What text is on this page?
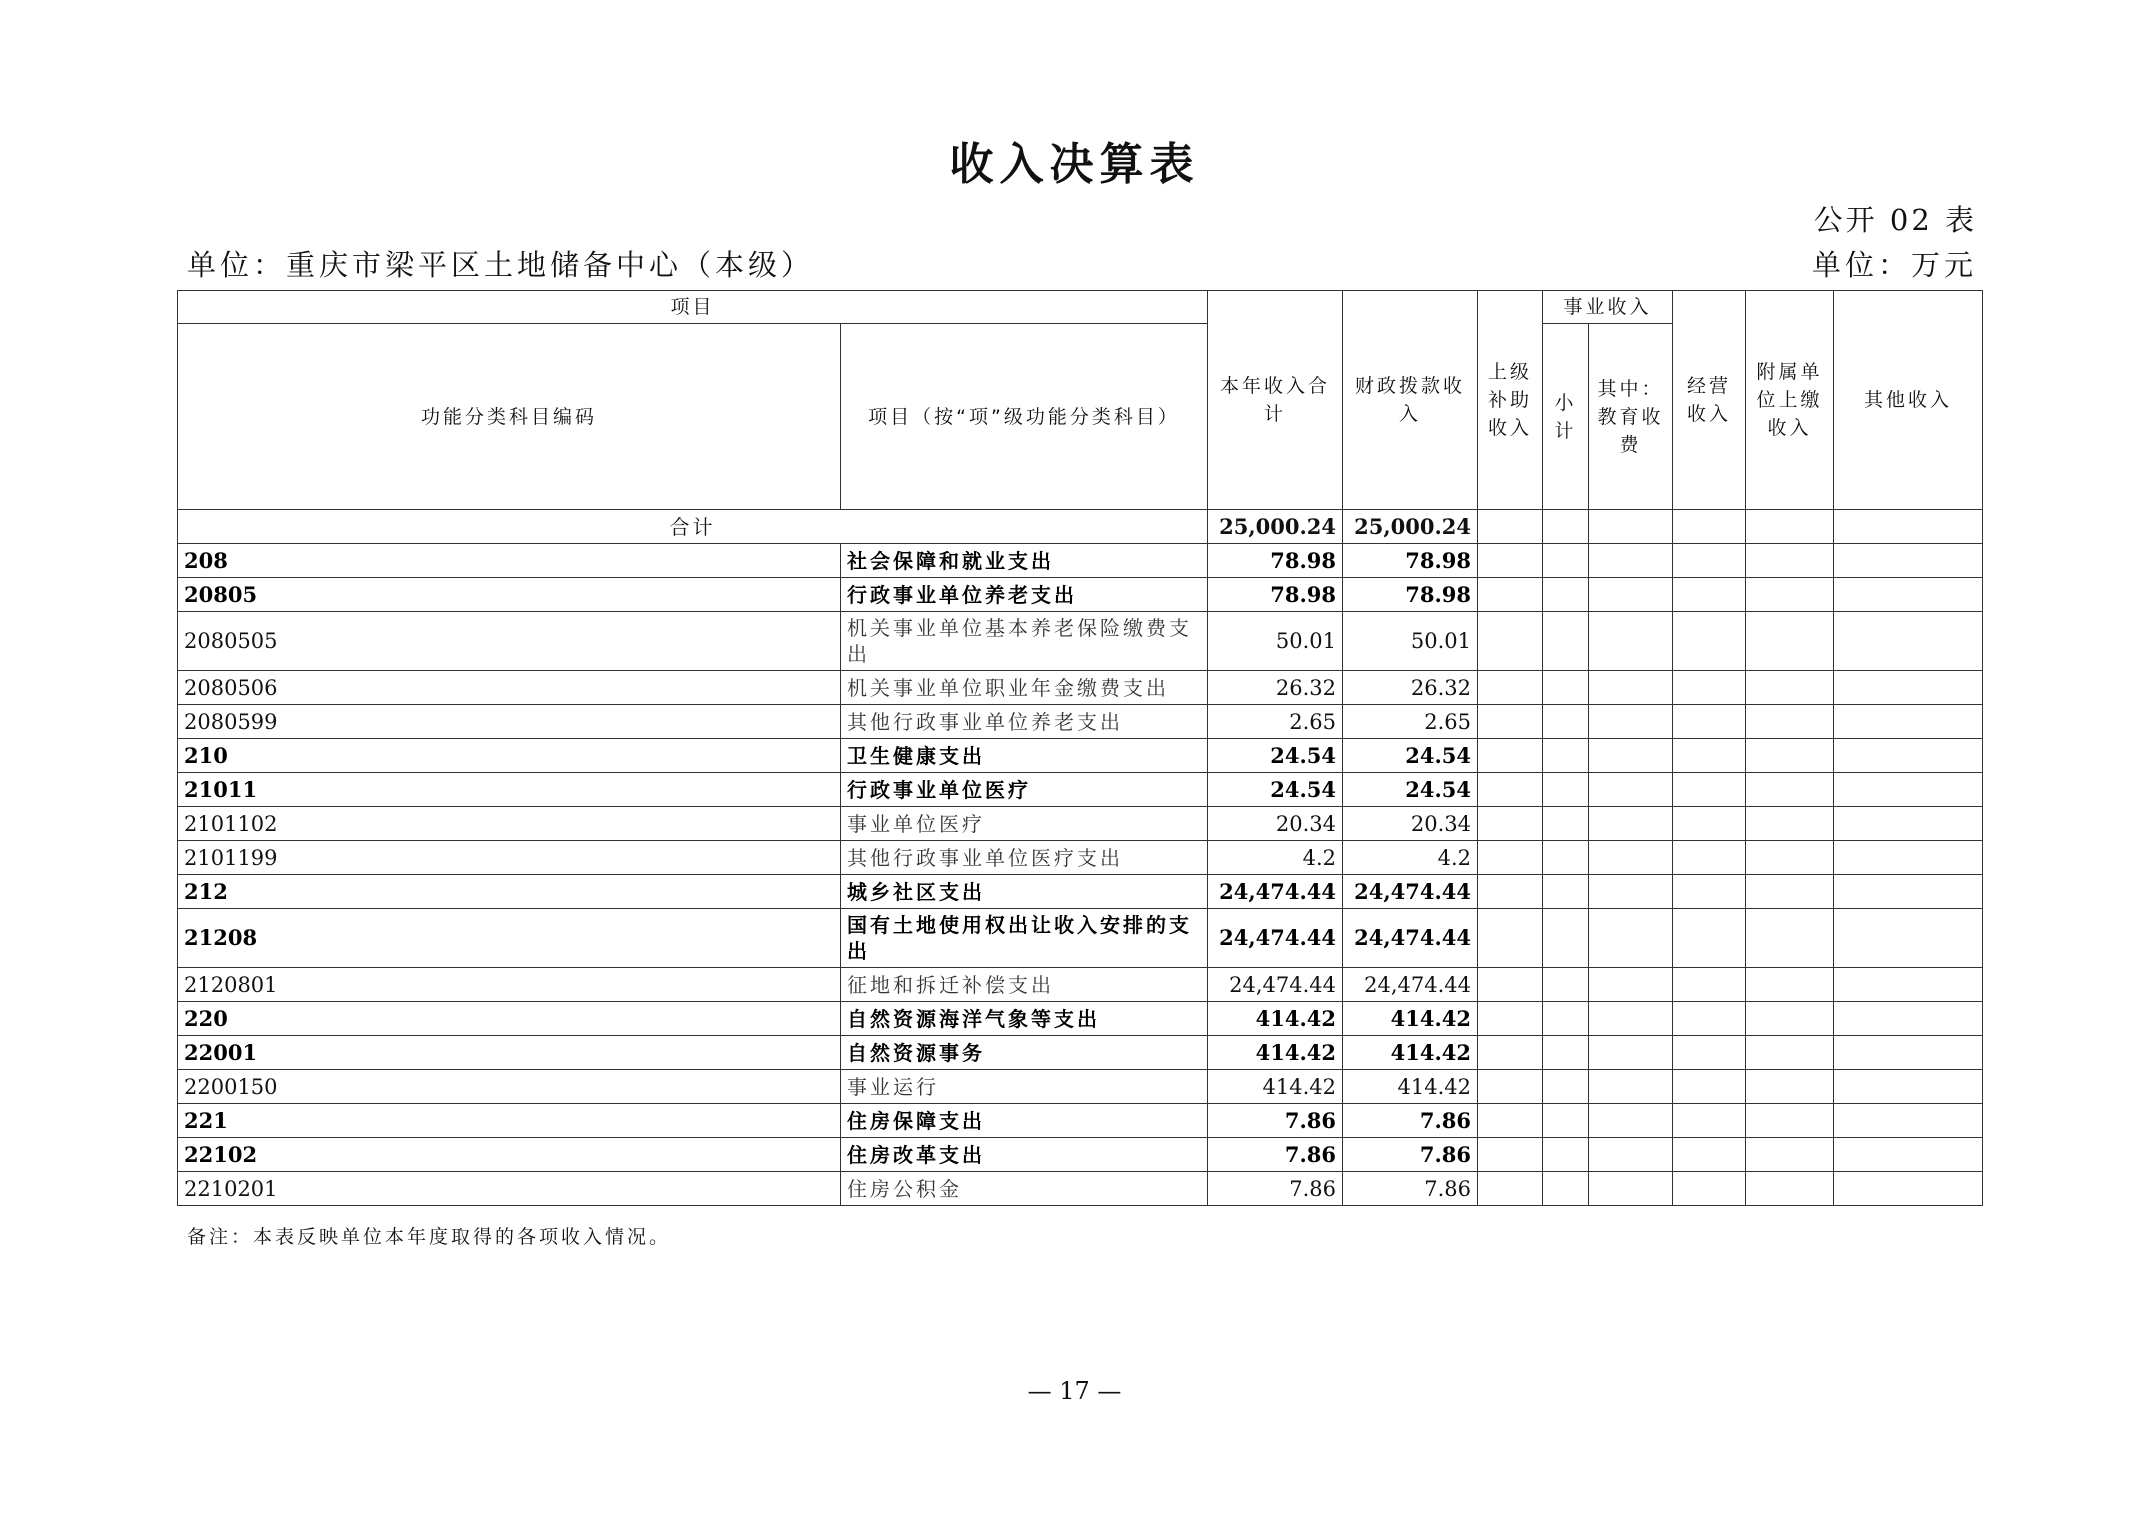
收入决算表
公开 02 表
单位：重庆市梁平区土地储备中心（本级）	单位：万元
项目		本年收入合计	财政拨款收入	上级补助收入	事业收入		经营收入	附属单位上缴收入	其他收入
功能分类科目编码	项目（按“项”级功能分类科目）				小计	其中：教育收费			
合计		25,000.24	25,000.24						
208	社会保障和就业支出	78.98	78.98						
20805	行政事业单位养老支出	78.98	78.98						
2080505	机关事业单位基本养老保险缴费支出	50.01	50.01						
2080506	机关事业单位职业年金缴费支出	26.32	26.32						
2080599	其他行政事业单位养老支出	2.65	2.65						
210	卫生健康支出	24.54	24.54						
21011	行政事业单位医疗	24.54	24.54						
2101102	事业单位医疗	20.34	20.34						
2101199	其他行政事业单位医疗支出	4.2	4.2						
212	城乡社区支出	24,474.44	24,474.44						
21208	国有土地使用权出让收入安排的支出	24,474.44	24,474.44						
2120801	征地和拆迁补偿支出	24,474.44	24,474.44						
220	自然资源海洋气象等支出	414.42	414.42						
22001	自然资源事务	414.42	414.42						
2200150	事业运行	414.42	414.42						
221	住房保障支出	7.86	7.86						
22102	住房改革支出	7.86	7.86						
2210201	住房公积金	7.86	7.86						
备注：本表反映单位本年度取得的各项收入情况。
— 17 —
